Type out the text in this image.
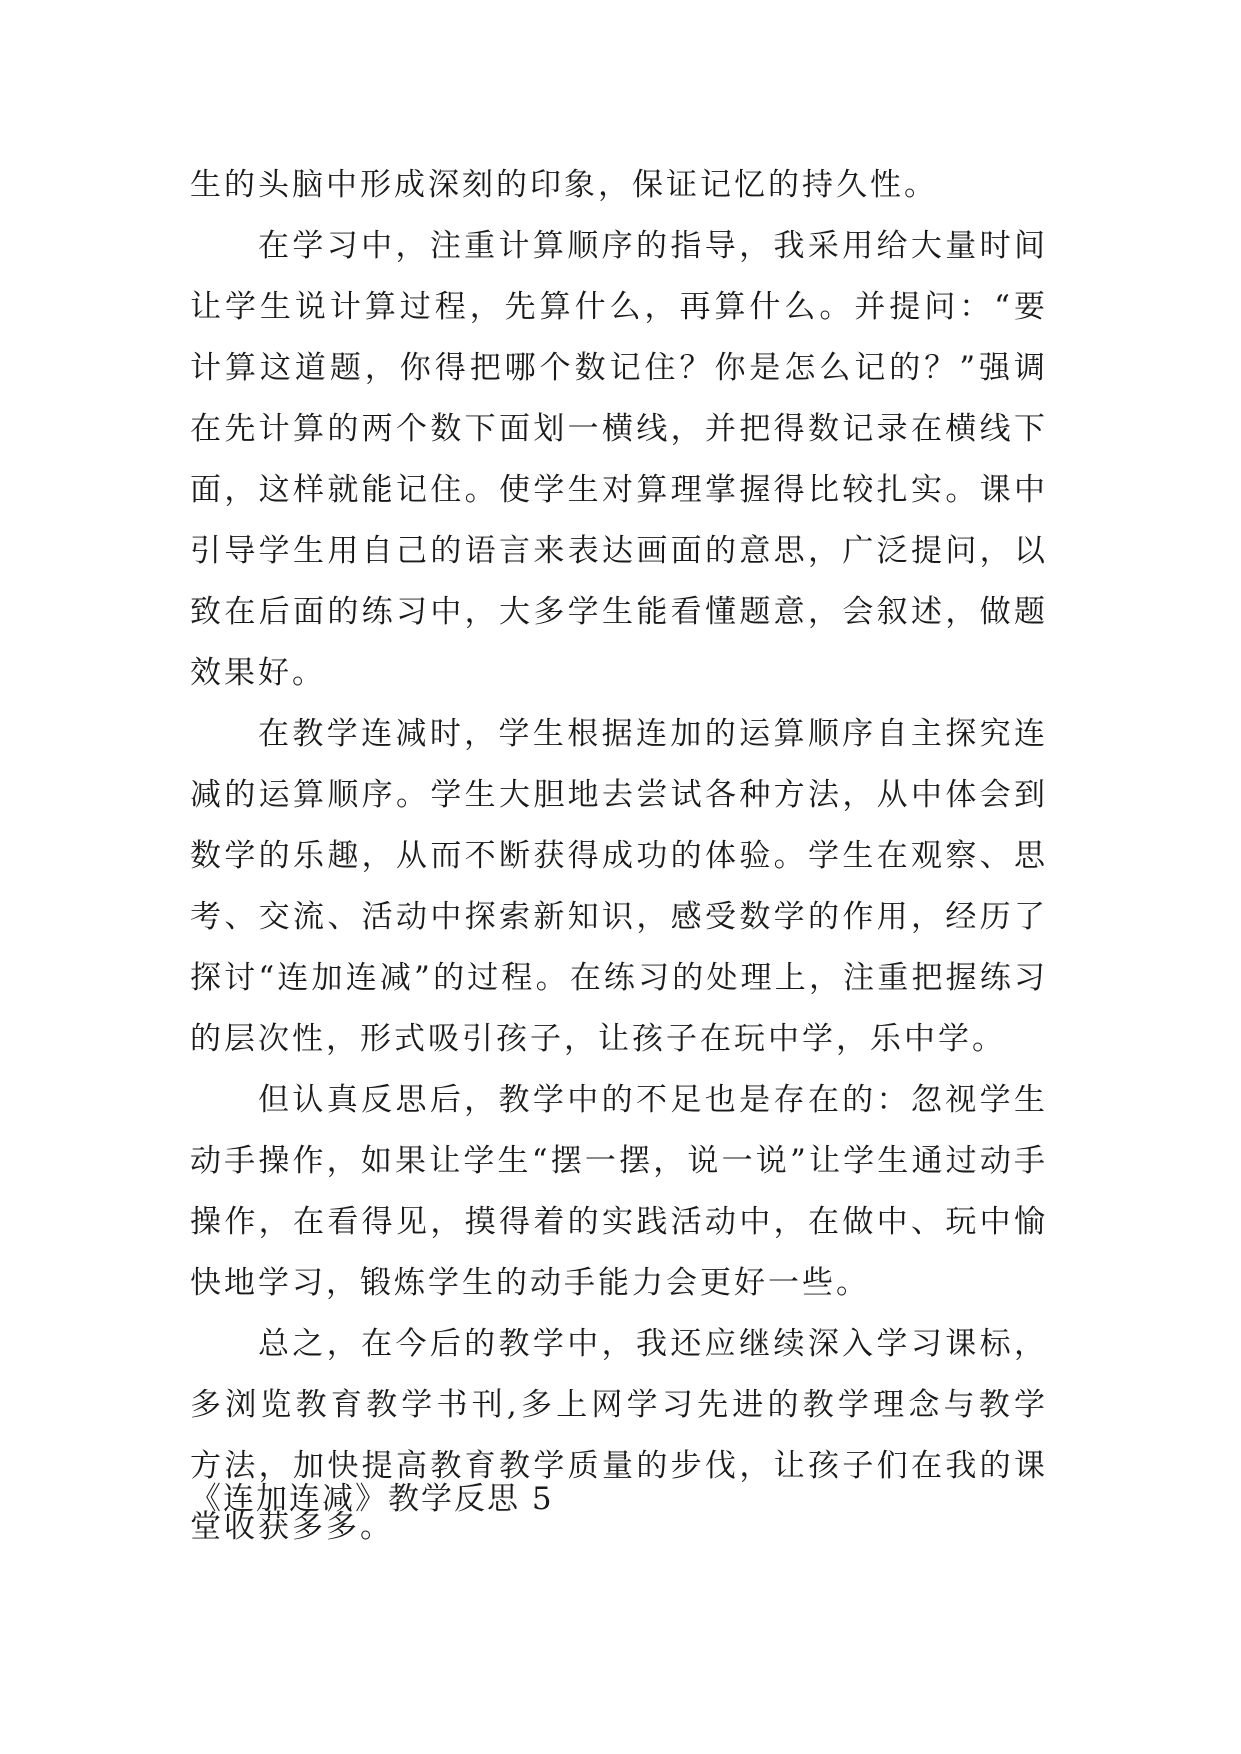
生的头脑中形成深刻的印象，保证记忆的持久性。

在学习中，注重计算顺序的指导，我采用给大量时间让学生说计算过程，先算什么，再算什么。并提问：“要计算这道题，你得把哪个数记住？你是怎么记的？”强调在先计算的两个数下面划一横线，并把得数记录在横线下面，这样就能记住。使学生对算理掌握得比较扎实。课中引导学生用自己的语言来表达画面的意思，广泛提问，以致在后面的练习中，大多学生能看懂题意，会叙述，做题效果好。

在教学连减时，学生根据连加的运算顺序自主探究连减的运算顺序。学生大胆地去尝试各种方法，从中体会到数学的乐趣，从而不断获得成功的体验。学生在观察、思考、交流、活动中探索新知识，感受数学的作用，经历了探讨“连加连减”的过程。在练习的处理上，注重把握练习的层次性，形式吸引孩子，让孩子在玩中学，乐中学。

但认真反思后，教学中的不足也是存在的：忽视学生动手操作，如果让学生“摆一摆，说一说”让学生通过动手操作，在看得见，摸得着的实践活动中，在做中、玩中愉快地学习，锻炼学生的动手能力会更好一些。

总之，在今后的教学中，我还应继续深入学习课标，多浏览教育教学书刊,多上网学习先进的教学理念与教学方法，加快提高教育教学质量的步伐，让孩子们在我的课堂收获多多。

《连加连减》教学反思 5
